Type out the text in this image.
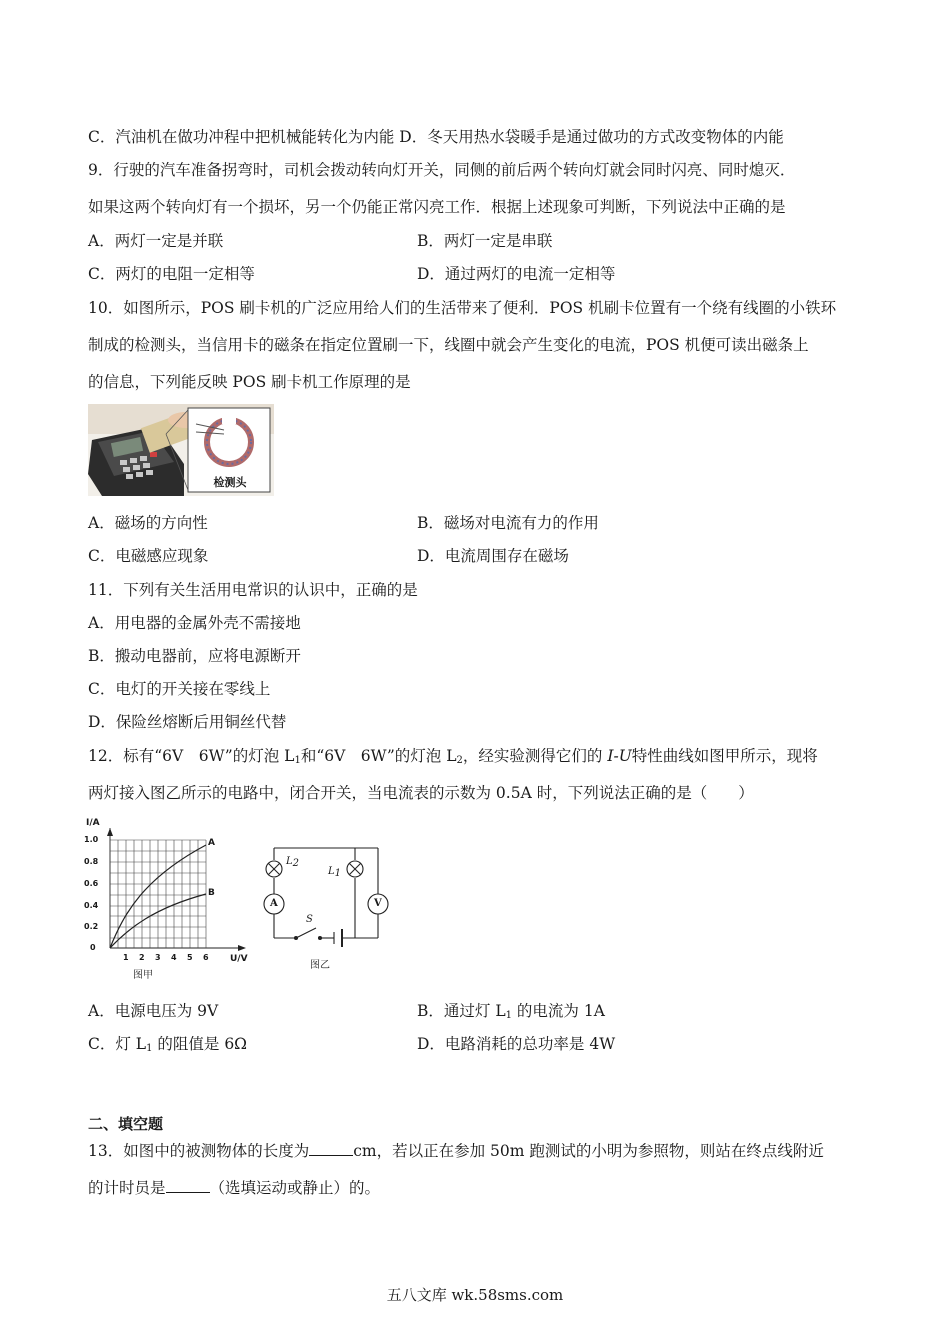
C．汽油机在做功冲程中把机械能转化为内能 D．冬天用热水袋暖手是通过做功的方式改变物体的内能
9．行驶的汽车准备拐弯时，司机会拨动转向灯开关，同侧的前后两个转向灯就会同时闪亮、同时熄灭．
如果这两个转向灯有一个损坏，另一个仍能正常闪亮工作．根据上述现象可判断，下列说法中正确的是
A．两灯一定是并联	B．两灯一定是串联
C．两灯的电阻一定相等	D．通过两灯的电流一定相等
10．如图所示，POS 刷卡机的广泛应用给人们的生活带来了便利．POS 机刷卡位置有一个绕有线圈的小铁环
制成的检测头，当信用卡的磁条在指定位置刷一下，线圈中就会产生变化的电流，POS 机便可读出磁条上
的信息，下列能反映 POS 刷卡机工作原理的是
检测头
A．磁场的方向性	B．磁场对电流有力的作用
C．电磁感应现象	D．电流周围存在磁场
11．下列有关生活用电常识的认识中，正确的是
A．用电器的金属外壳不需接地
B．搬动电器前，应将电源断开
C．电灯的开关接在零线上
D．保险丝熔断后用铜丝代替
12．标有“6V　6W”的灯泡 $L_1$和“6V　6W”的灯泡 $L_2$，经实验测得它们的 I-U特性曲线如图甲所示，现将
两灯接入图乙所示的电路中，闭合开关，当电流表的示数为 0.5A 时，下列说法正确的是（　　）
I/A
U/V
A
B
1.0
0.8
0.6
0.4
0.2
0
1 2 3 4 5 6
图甲
A	V
$L_2$
$L_1$
S
图乙
A．电源电压为 9V	B．通过灯 $L_1$ 的电流为 1A
C．灯 $L_1$ 的阻值是 6Ω	D．电路消耗的总功率是 4W
二、填空题
13．如图中的被测物体的长度为	cm，若以正在参加 50m 跑测试的小明为参照物，则站在终点线附近
的计时员是	（选填运动或静止）的。
五八文库 wk.58sms.com
